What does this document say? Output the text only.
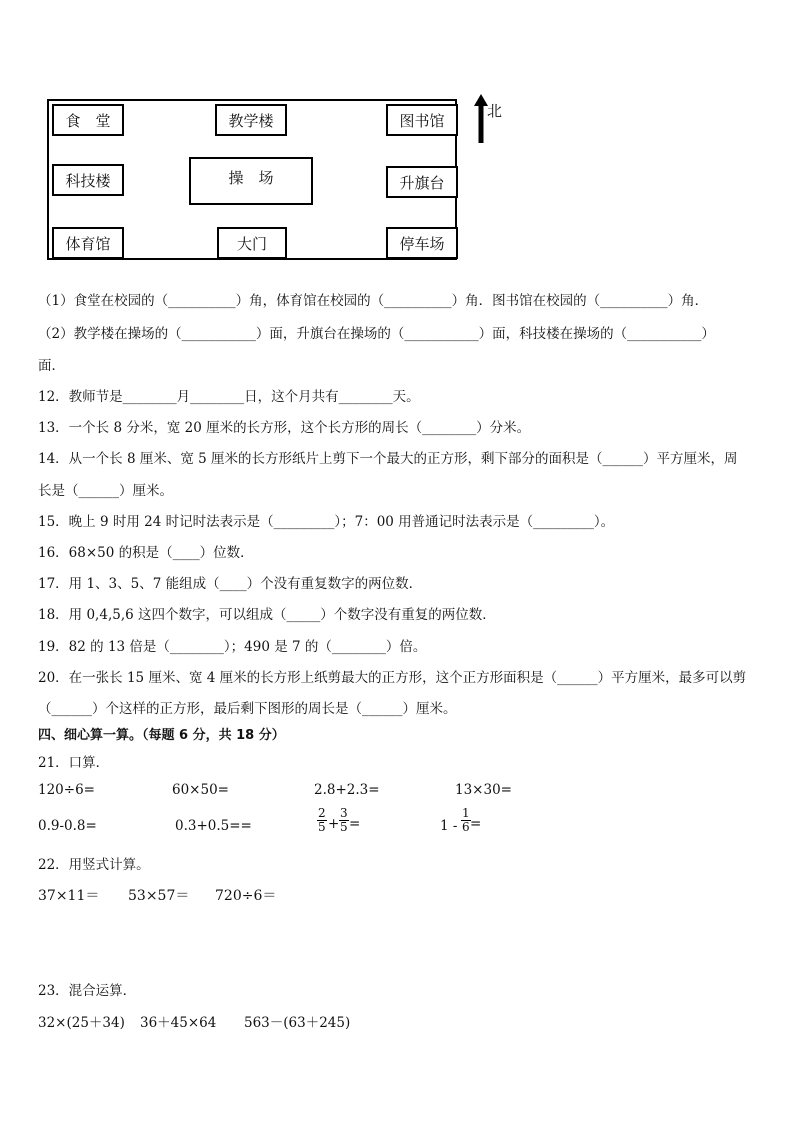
食　堂	教学楼	图书馆
科技楼	操　场	升旗台
体育馆	大门	停车场
北
（1）食堂在校园的（__________）角，体育馆在校园的（__________）角．图书馆在校园的（__________）角．
（2）教学楼在操场的（___________）面，升旗台在操场的（___________）面，科技楼在操场的（___________）
面．
12．教师节是________月________日，这个月共有________天。
13．一个长 8 分米，宽 20 厘米的长方形，这个长方形的周长（________）分米。
14．从一个长 8 厘米、宽 5 厘米的长方形纸片上剪下一个最大的正方形，剩下部分的面积是（______）平方厘米，周
长是（______）厘米。
15．晚上 9 时用 24 时记时法表示是（_________）；7：00 用普通记时法表示是（_________）。
16．68×50 的积是（____）位数．
17．用 1、3、5、7 能组成（____）个没有重复数字的两位数．
18．用 0,4,5,6 这四个数字，可以组成（_____）个数字没有重复的两位数．
19．82 的 13 倍是（________）；490 是 7 的（________）倍。
20．在一张长 15 厘米、宽 4 厘米的长方形上纸剪最大的正方形，这个正方形面积是（______）平方厘米，最多可以剪
（______）个这样的正方形，最后剩下图形的周长是（______）厘米。
四、细心算一算。（每题 6 分，共 18 分）
21．口算．
120÷6=	60×50=	2.8+2.3=	13×30=
0.9-0.8=	0.3+0.5==	$\frac{2}{5} + \frac{3}{5}$ =	$1 - \frac{1}{6}$ =
22．用竖式计算。
37×11＝ 53×57＝ 720÷6＝
23．混合运算．
32×(25＋34) 36＋45×64 563－(63＋245)
